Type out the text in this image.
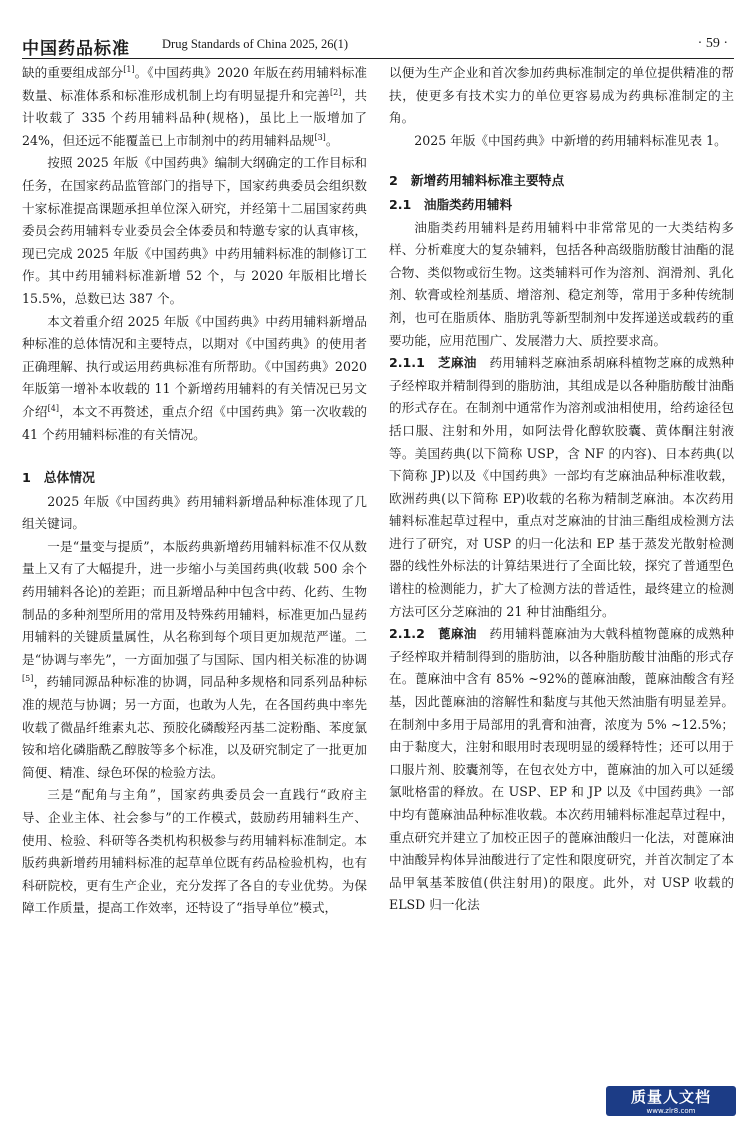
中国药品标准	Drug Standards of China 2025, 26(1)	· 59 ·

缺的重要组成部分[1]。《中国药典》2020 年版在药用辅料标准数量、标准体系和标准形成机制上均有明显提升和完善[2]，共计收载了 335 个药用辅料品种(规格)，虽比上一版增加了 24%，但还远不能覆盖已上市制剂中的药用辅料品规[3]。

按照 2025 年版《中国药典》编制大纲确定的工作目标和任务，在国家药品监管部门的指导下，国家药典委员会组织数十家标准提高课题承担单位深入研究，并经第十二届国家药典委员会药用辅料专业委员会全体委员和特邀专家的认真审核，现已完成 2025 年版《中国药典》中药用辅料标准的制修订工作。其中药用辅料标准新增 52 个，与 2020 年版相比增长 15.5%，总数已达 387 个。

本文着重介绍 2025 年版《中国药典》中药用辅料新增品种标准的总体情况和主要特点，以期对《中国药典》的使用者正确理解、执行或运用药典标准有所帮助。《中国药典》2020 年版第一增补本收载的 11 个新增药用辅料的有关情况已另文介绍[4]，本文不再赘述，重点介绍《中国药典》第一次收载的 41 个药用辅料标准的有关情况。

1　总体情况

2025 年版《中国药典》药用辅料新增品种标准体现了几组关键词。

一是“量变与提质”，本版药典新增药用辅料标准不仅从数量上又有了大幅提升，进一步缩小与美国药典(收载 500 余个药用辅料各论)的差距；而且新增品种中包含中药、化药、生物制品的多种剂型所用的常用及特殊药用辅料，标准更加凸显药用辅料的关键质量属性，从名称到每个项目更加规范严谨。二是“协调与率先”，一方面加强了与国际、国内相关标准的协调[5]，药辅同源品种标准的协调，同品种多规格和同系列品种标准的规范与协调；另一方面，也敢为人先，在各国药典中率先收载了微晶纤维素丸芯、预胶化磷酸羟丙基二淀粉酯、苯度氯铵和培化磷脂酰乙醇胺等多个标准，以及研究制定了一批更加简便、精准、绿色环保的检验方法。

三是“配角与主角”，国家药典委员会一直践行“政府主导、企业主体、社会参与”的工作模式，鼓励药用辅料生产、使用、检验、科研等各类机构积极参与药用辅料标准制定。本版药典新增药用辅料标准的起草单位既有药品检验机构，也有科研院校，更有生产企业，充分发挥了各自的专业优势。为保障工作质量，提高工作效率，还特设了“指导单位”模式，

以便为生产企业和首次参加药典标准制定的单位提供精准的帮扶，使更多有技术实力的单位更容易成为药典标准制定的主角。

2025 年版《中国药典》中新增的药用辅料标准见表 1。

2　新增药用辅料标准主要特点
2.1　油脂类药用辅料

油脂类药用辅料是药用辅料中非常常见的一大类结构多样、分析难度大的复杂辅料，包括各种高级脂肪酸甘油酯的混合物、类似物或衍生物。这类辅料可作为溶剂、润滑剂、乳化剂、软膏或栓剂基质、增溶剂、稳定剂等，常用于多种传统制剂，也可在脂质体、脂肪乳等新型制剂中发挥递送或载药的重要功能，应用范围广、发展潜力大、质控要求高。

2.1.1　芝麻油　药用辅料芝麻油系胡麻科植物芝麻的成熟种子经榨取并精制得到的脂肪油，其组成是以各种脂肪酸甘油酯的形式存在。在制剂中通常作为溶剂或油相使用，给药途径包括口服、注射和外用，如阿法骨化醇软胶囊、黄体酮注射液等。美国药典(以下简称 USP，含 NF 的内容)、日本药典(以下简称 JP)以及《中国药典》一部均有芝麻油品种标准收载，欧洲药典(以下简称 EP)收载的名称为精制芝麻油。本次药用辅料标准起草过程中，重点对芝麻油的甘油三酯组成检测方法进行了研究，对 USP 的归一化法和 EP 基于蒸发光散射检测器的线性外标法的计算结果进行了全面比较，探究了普通型色谱柱的检测能力，扩大了检测方法的普适性，最终建立的检测方法可区分芝麻油的 21 种甘油酯组分。

2.1.2　蓖麻油　药用辅料蓖麻油为大戟科植物蓖麻的成熟种子经榨取并精制得到的脂肪油，以各种脂肪酸甘油酯的形式存在。蓖麻油中含有 85% ~92%的蓖麻油酸，蓖麻油酸含有羟基，因此蓖麻油的溶解性和黏度与其他天然油脂有明显差异。在制剂中多用于局部用的乳膏和油膏，浓度为 5% ~12.5%；由于黏度大，注射和眼用时表现明显的缓释特性；还可以用于口服片剂、胶囊剂等，在包衣处方中，蓖麻油的加入可以延缓氯吡格雷的释放。在 USP、EP 和 JP 以及《中国药典》一部中均有蓖麻油品种标准收载。本次药用辅料标准起草过程中，重点研究并建立了加校正因子的蓖麻油酸归一化法，对蓖麻油中油酸异构体异油酸进行了定性和限度研究，并首次制定了本品甲氧基苯胺值(供注射用)的限度。此外，对 USP 收载的 ELSD 归一化法

质量人文档
www.zlr8.com
